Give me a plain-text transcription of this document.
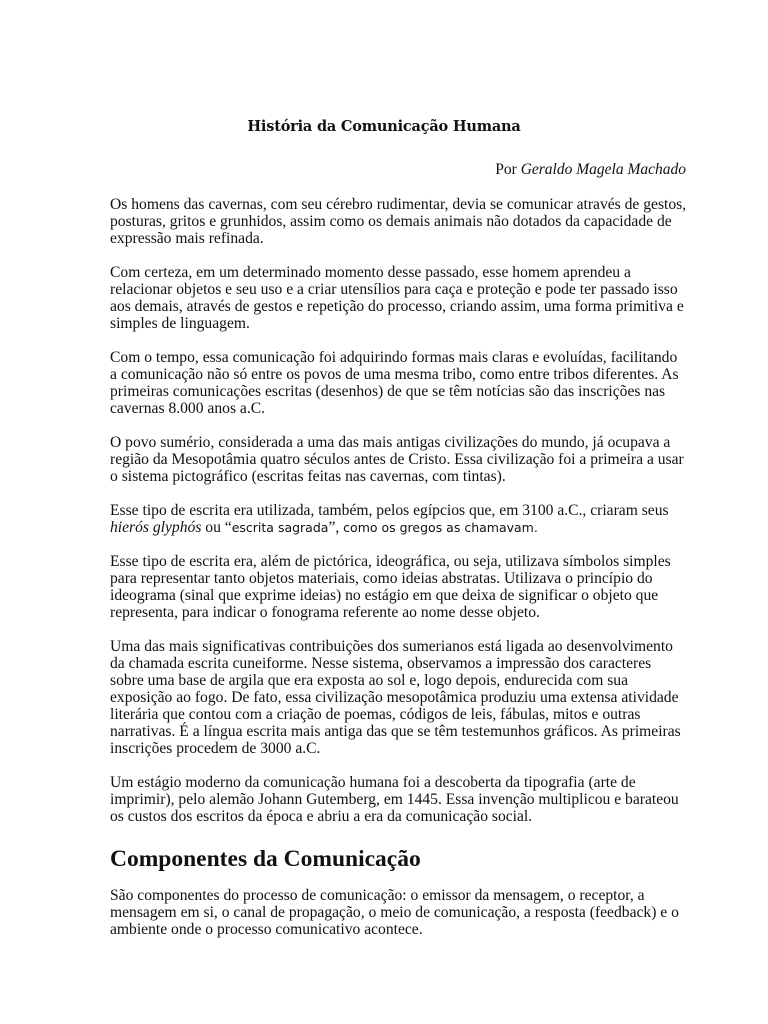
História da Comunicação Humana
Por Geraldo Magela Machado

Os homens das cavernas, com seu cérebro rudimentar, devia se comunicar através de gestos, posturas, gritos e grunhidos, assim como os demais animais não dotados da capacidade de expressão mais refinada.

Com certeza, em um determinado momento desse passado, esse homem aprendeu a relacionar objetos e seu uso e a criar utensílios para caça e proteção e pode ter passado isso aos demais, através de gestos e repetição do processo, criando assim, uma forma primitiva e simples de linguagem.

Com o tempo, essa comunicação foi adquirindo formas mais claras e evoluídas, facilitando a comunicação não só entre os povos de uma mesma tribo, como entre tribos diferentes. As primeiras comunicações escritas (desenhos) de que se têm notícias são das inscrições nas cavernas 8.000 anos a.C.

O povo sumério, considerada a uma das mais antigas civilizações do mundo, já ocupava a região da Mesopotâmia quatro séculos antes de Cristo. Essa civilização foi a primeira a usar o sistema pictográfico (escritas feitas nas cavernas, com tintas).

Esse tipo de escrita era utilizada, também, pelos egípcios que, em 3100 a.C., criaram seus hierós glyphós ou “escrita sagrada”, como os gregos as chamavam.

Esse tipo de escrita era, além de pictórica, ideográfica, ou seja, utilizava símbolos simples para representar tanto objetos materiais, como ideias abstratas. Utilizava o princípio do ideograma (sinal que exprime ideias) no estágio em que deixa de significar o objeto que representa, para indicar o fonograma referente ao nome desse objeto.

Uma das mais significativas contribuições dos sumerianos está ligada ao desenvolvimento da chamada escrita cuneiforme. Nesse sistema, observamos a impressão dos caracteres sobre uma base de argila que era exposta ao sol e, logo depois, endurecida com sua exposição ao fogo. De fato, essa civilização mesopotâmica produziu uma extensa atividade literária que contou com a criação de poemas, códigos de leis, fábulas, mitos e outras narrativas. É a língua escrita mais antiga das que se têm testemunhos gráficos. As primeiras inscrições procedem de 3000 a.C.

Um estágio moderno da comunicação humana foi a descoberta da tipografia (arte de imprimir), pelo alemão Johann Gutemberg, em 1445. Essa invenção multiplicou e barateou os custos dos escritos da época e abriu a era da comunicação social.

Componentes da Comunicação

São componentes do processo de comunicação: o emissor da mensagem, o receptor, a mensagem em si, o canal de propagação, o meio de comunicação, a resposta (feedback) e o ambiente onde o processo comunicativo acontece.
